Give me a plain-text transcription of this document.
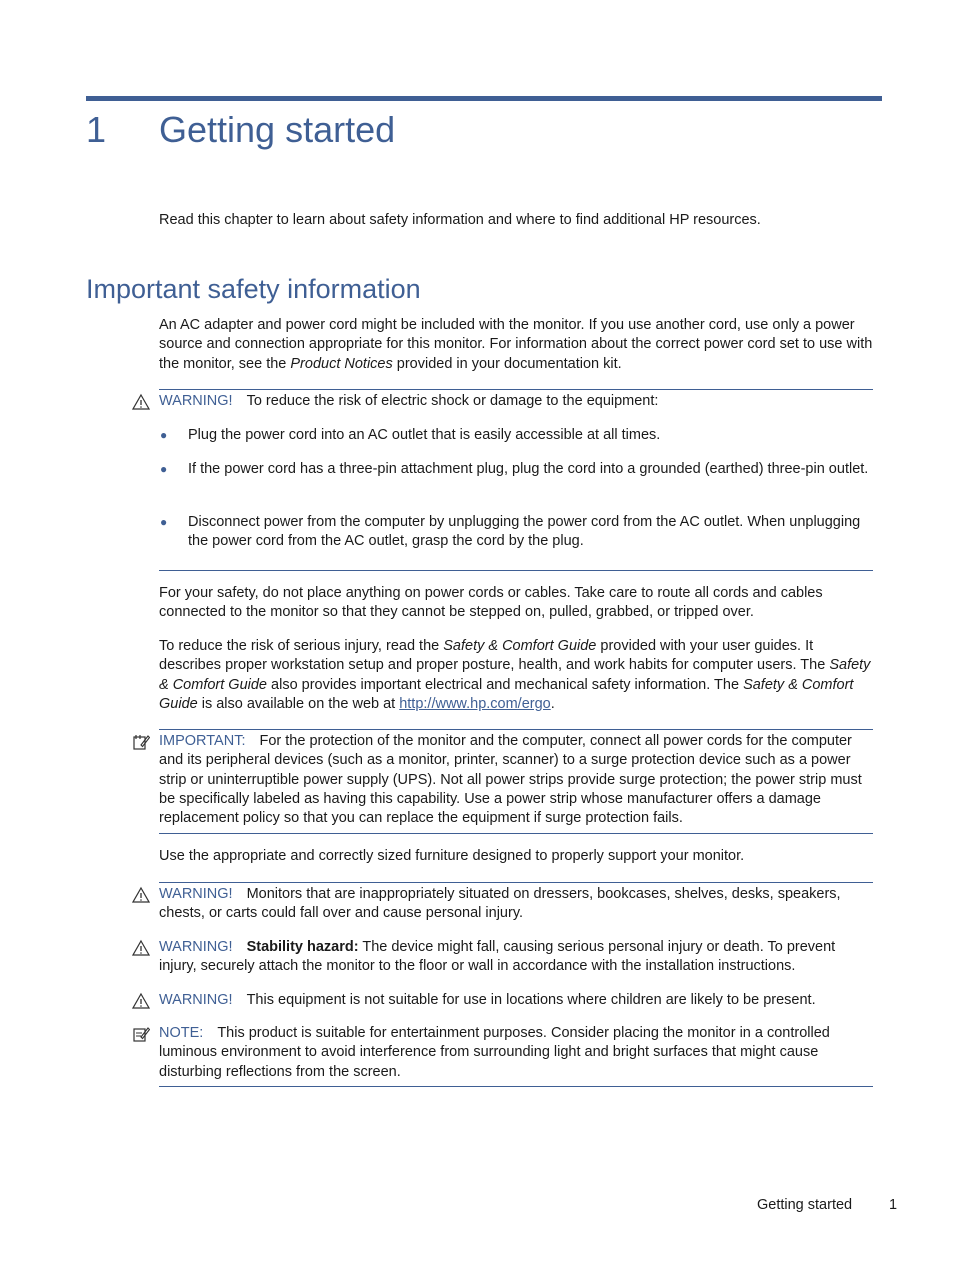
1 Getting started
Read this chapter to learn about safety information and where to find additional HP resources.
Important safety information
An AC adapter and power cord might be included with the monitor. If you use another cord, use only a power source and connection appropriate for this monitor. For information about the correct power cord set to use with the monitor, see the Product Notices provided in your documentation kit.
WARNING! To reduce the risk of electric shock or damage to the equipment:
● Plug the power cord into an AC outlet that is easily accessible at all times.
● If the power cord has a three-pin attachment plug, plug the cord into a grounded (earthed) three-pin outlet.
● Disconnect power from the computer by unplugging the power cord from the AC outlet. When unplugging the power cord from the AC outlet, grasp the cord by the plug.
For your safety, do not place anything on power cords or cables. Take care to route all cords and cables connected to the monitor so that they cannot be stepped on, pulled, grabbed, or tripped over.
To reduce the risk of serious injury, read the Safety & Comfort Guide provided with your user guides. It describes proper workstation setup and proper posture, health, and work habits for computer users. The Safety & Comfort Guide also provides important electrical and mechanical safety information. The Safety & Comfort Guide is also available on the web at http://www.hp.com/ergo.
IMPORTANT: For the protection of the monitor and the computer, connect all power cords for the computer and its peripheral devices (such as a monitor, printer, scanner) to a surge protection device such as a power strip or uninterruptible power supply (UPS). Not all power strips provide surge protection; the power strip must be specifically labeled as having this capability. Use a power strip whose manufacturer offers a damage replacement policy so that you can replace the equipment if surge protection fails.
Use the appropriate and correctly sized furniture designed to properly support your monitor.
WARNING! Monitors that are inappropriately situated on dressers, bookcases, shelves, desks, speakers, chests, or carts could fall over and cause personal injury.
WARNING! Stability hazard: The device might fall, causing serious personal injury or death. To prevent injury, securely attach the monitor to the floor or wall in accordance with the installation instructions.
WARNING! This equipment is not suitable for use in locations where children are likely to be present.
NOTE: This product is suitable for entertainment purposes. Consider placing the monitor in a controlled luminous environment to avoid interference from surrounding light and bright surfaces that might cause disturbing reflections from the screen.
Getting started	1
